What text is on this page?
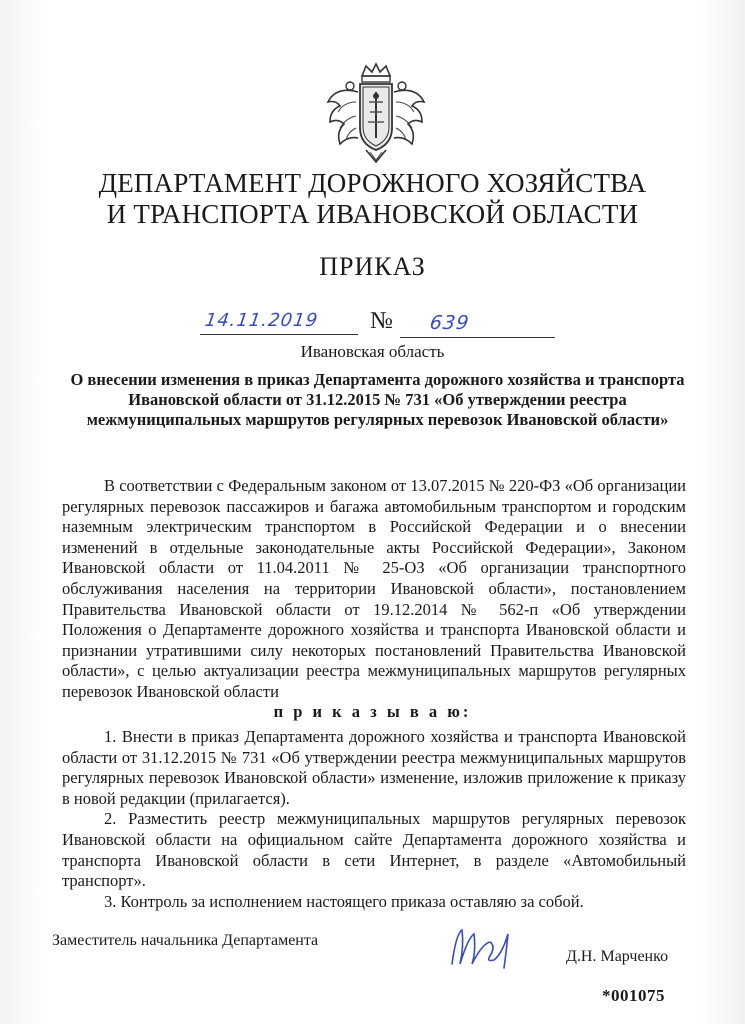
ДЕПАРТАМЕНТ ДОРОЖНОГО ХОЗЯЙСТВА
И ТРАНСПОРТА ИВАНОВСКОЙ ОБЛАСТИ
ПРИКАЗ
14.11.2019 № 639
Ивановская область
О внесении изменения в приказ Департамента дорожного хозяйства и транспорта Ивановской области от 31.12.2015 № 731 «Об утверждении реестра межмуниципальных маршрутов регулярных перевозок Ивановской области»

В соответствии с Федеральным законом от 13.07.2015 № 220-ФЗ «Об организации регулярных перевозок пассажиров и багажа автомобильным транспортом и городским наземным электрическим транспортом в Российской Федерации и о внесении изменений в отдельные законодательные акты Российской Федерации», Законом Ивановской области от 11.04.2011 № 25-ОЗ «Об организации транспортного обслуживания населения на территории Ивановской области», постановлением Правительства Ивановской области от 19.12.2014 № 562-п «Об утверждении Положения о Департаменте дорожного хозяйства и транспорта Ивановской области и признании утратившими силу некоторых постановлений Правительства Ивановской области», с целью актуализации реестра межмуниципальных маршрутов регулярных перевозок Ивановской области

п р и к а з ы в а ю:

1. Внести в приказ Департамента дорожного хозяйства и транспорта Ивановской области от 31.12.2015 № 731 «Об утверждении реестра межмуниципальных маршрутов регулярных перевозок Ивановской области» изменение, изложив приложение к приказу в новой редакции (прилагается).

2. Разместить реестр межмуниципальных маршрутов регулярных перевозок Ивановской области на официальном сайте Департамента дорожного хозяйства и транспорта Ивановской области в сети Интернет, в разделе «Автомобильный транспорт».

3. Контроль за исполнением настоящего приказа оставляю за собой.

Заместитель начальника Департамента
Д.Н. Марченко
*001075
